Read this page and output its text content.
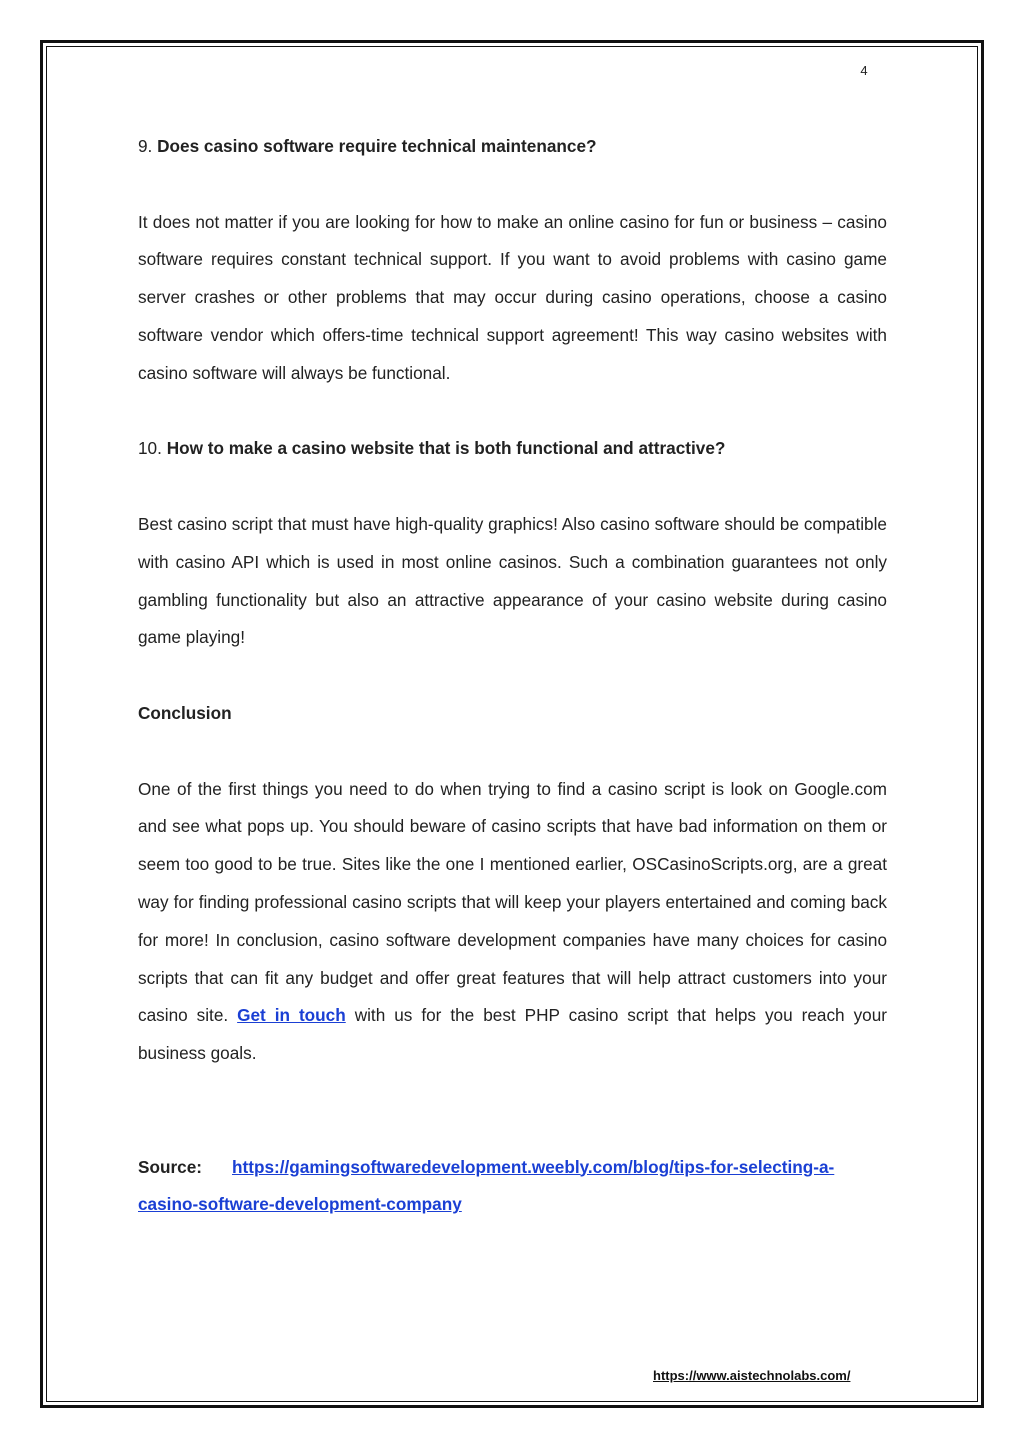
4

9. Does casino software require technical maintenance?

It does not matter if you are looking for how to make an online casino for fun or business – casino software requires constant technical support. If you want to avoid problems with casino game server crashes or other problems that may occur during casino operations, choose a casino software vendor which offers-time technical support agreement! This way casino websites with casino software will always be functional.

10. How to make a casino website that is both functional and attractive?

Best casino script that must have high-quality graphics! Also casino software should be compatible with casino API which is used in most online casinos. Such a combination guarantees not only gambling functionality but also an attractive appearance of your casino website during casino game playing!

Conclusion

One of the first things you need to do when trying to find a casino script is look on Google.com and see what pops up. You should beware of casino scripts that have bad information on them or seem too good to be true. Sites like the one I mentioned earlier, OSCasinoScripts.org, are a great way for finding professional casino scripts that will keep your players entertained and coming back for more! In conclusion, casino software development companies have many choices for casino scripts that can fit any budget and offer great features that will help attract customers into your casino site. Get in touch with us for the best PHP casino script that helps you reach your business goals.

Source: https://gamingsoftwaredevelopment.weebly.com/blog/tips-for-selecting-a-casino-software-development-company

https://www.aistechnolabs.com/
